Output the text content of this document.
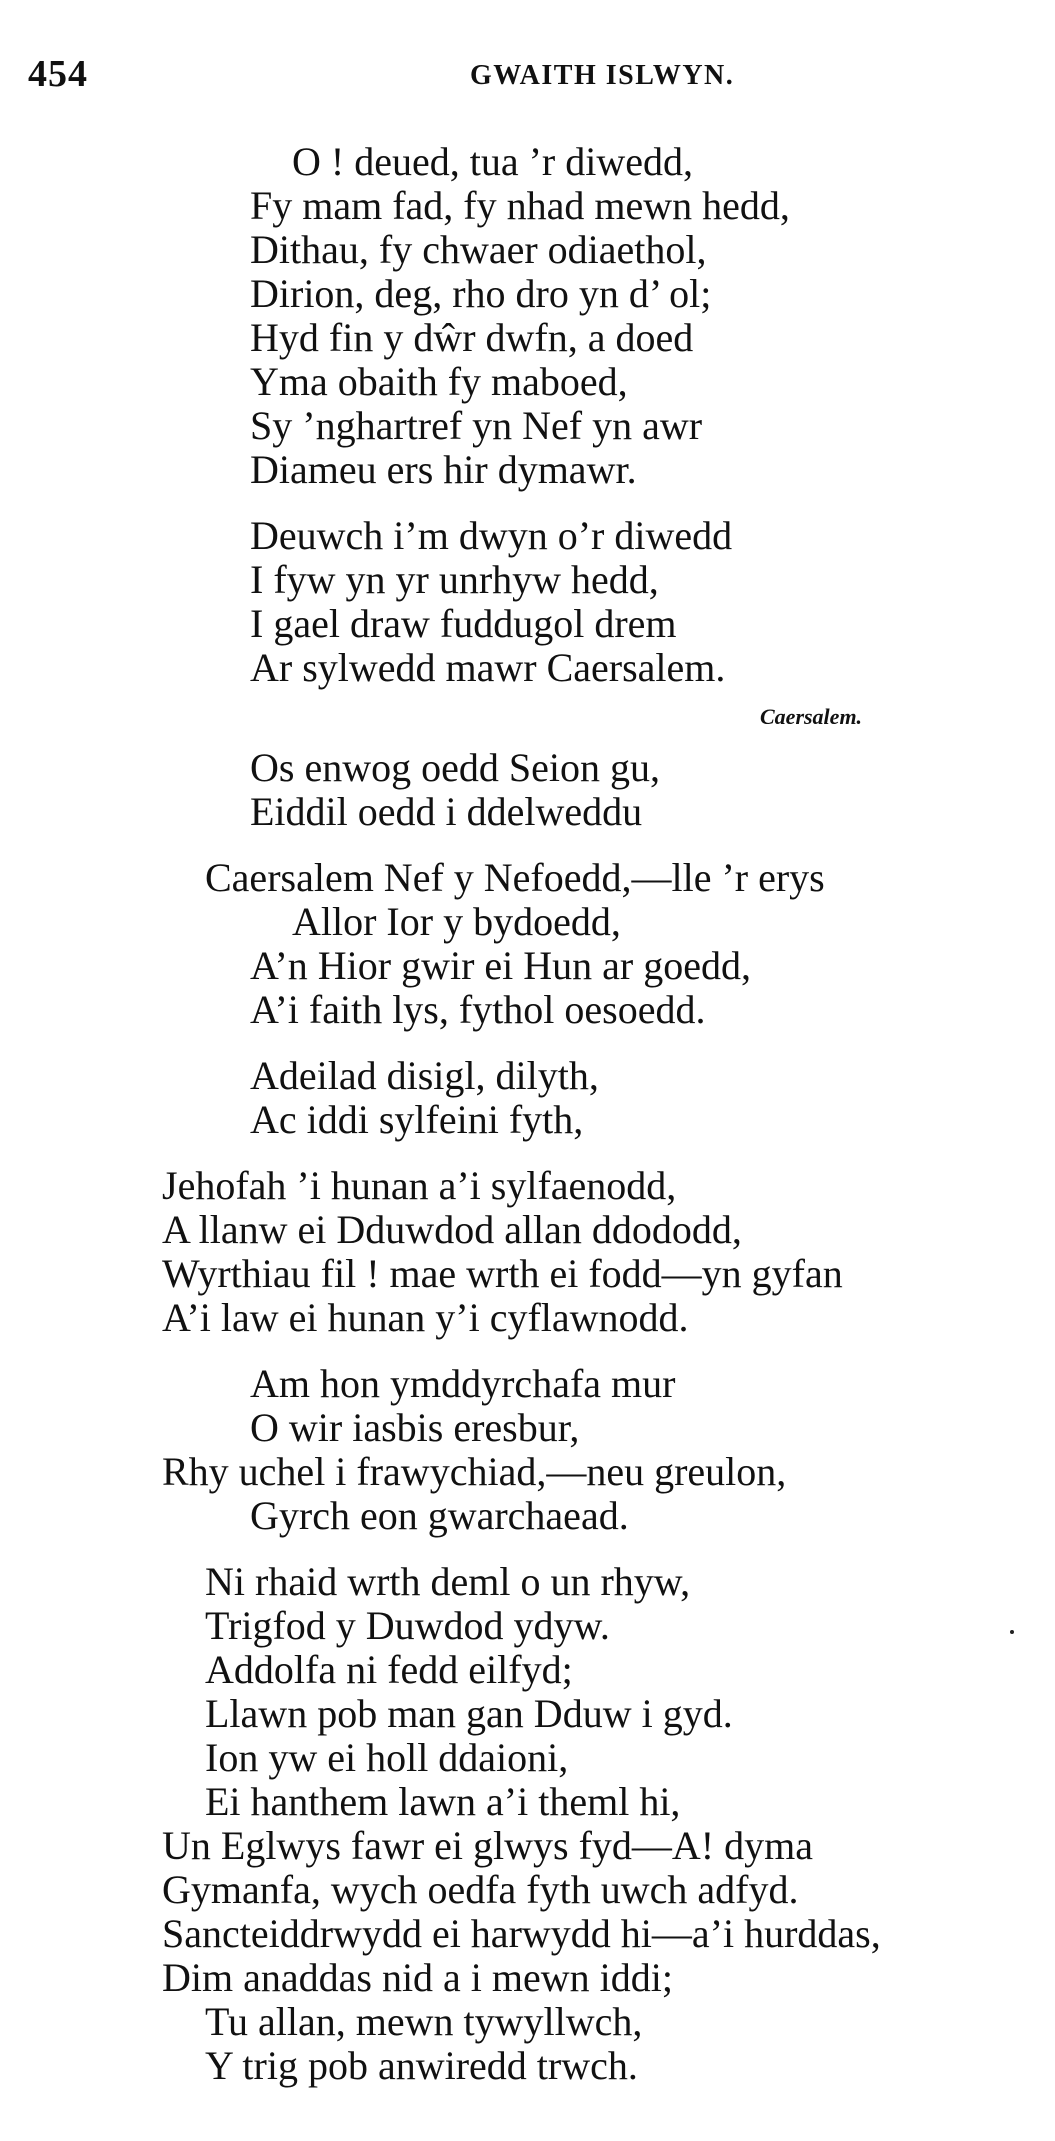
454	GWAITH ISLWYN.
O ! deued, tua ’r diwedd,
Fy mam fad, fy nhad mewn hedd,
Dithau, fy chwaer odiaethol,
Dirion, deg, rho dro yn d’ ol;
Hyd fin y dŵr dwfn, a doed
Yma obaith fy maboed,
Sy ’nghartref yn Nef yn awr
Diameu ers hir dymawr.
Deuwch i’m dwyn o’r diwedd
I fyw yn yr unrhyw hedd,
I gael draw fuddugol drem
Ar sylwedd mawr Caersalem.
Caersalem.
Os enwog oedd Seion gu,
Eiddil oedd i ddelweddu
Caersalem Nef y Nefoedd,—lle ’r erys
Allor Ior y bydoedd,
A’n Hior gwir ei Hun ar goedd,
A’i faith lys, fythol oesoedd.
Adeilad disigl, dilyth,
Ac iddi sylfeini fyth,
Jehofah ’i hunan a’i sylfaenodd,
A llanw ei Dduwdod allan ddododd,
Wyrthiau fil ! mae wrth ei fodd—yn gyfan
A’i law ei hunan y’i cyflawnodd.
Am hon ymddyrchafa mur
O wir iasbis eresbur,
Rhy uchel i frawychiad,—neu greulon,
Gyrch eon gwarchaead.
Ni rhaid wrth deml o un rhyw,
Trigfod y Duwdod ydyw.
Addolfa ni fedd eilfyd;
Llawn pob man gan Dduw i gyd.
Ion yw ei holl ddaioni,
Ei hanthem lawn a’i theml hi,
Un Eglwys fawr ei glwys fyd—A! dyma
Gymanfa, wych oedfa fyth uwch adfyd.
Sancteiddrwydd ei harwydd hi—a’i hurddas,
Dim anaddas nid a i mewn iddi;
Tu allan, mewn tywyllwch,
Y trig pob anwiredd trwch.
